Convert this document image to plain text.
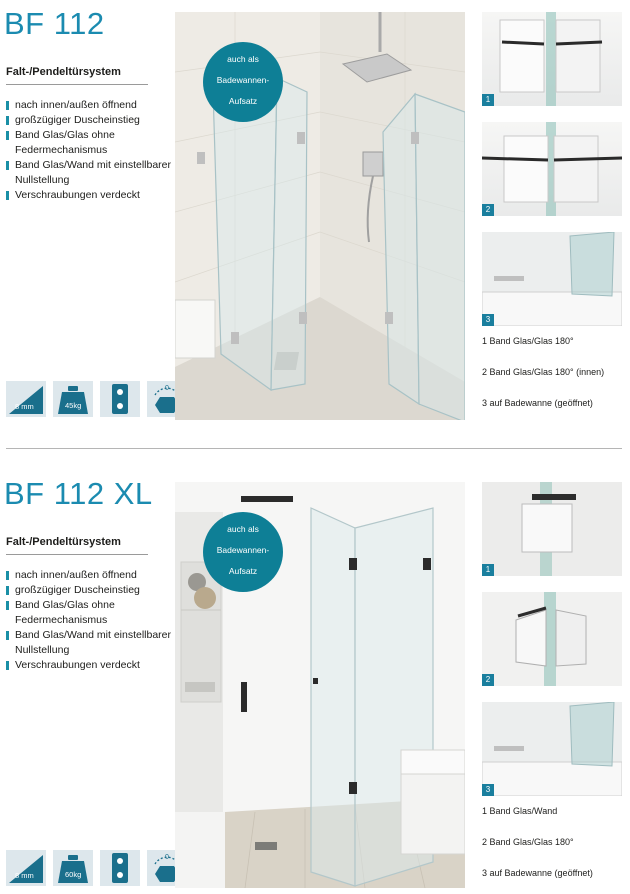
BF 112
Falt-/Pendeltürsystem
nach innen/außen öffnend
großzügiger Duscheinstieg
Band Glas/Glas ohne Federmechanismus
Band Glas/Wand mit einstellbarer Nullstellung
Verschraubungen verdeckt
8 mm	45kg
0
auch als
Badewannen-
Aufsatz	1
2
3
1 Band Glas/Glas 180°
2 Band Glas/Glas 180° (innen)
3 auf Badewanne (geöffnet)
BF 112 XL
Falt-/Pendeltürsystem
nach innen/außen öffnend
großzügiger Duscheinstieg
Band Glas/Glas ohne Federmechanismus
Band Glas/Wand mit einstellbarer Nullstellung
Verschraubungen verdeckt
8 mm	60kg
0
auch als
Badewannen-
Aufsatz	1
2
3
1 Band Glas/Wand
2 Band Glas/Glas 180°
3 auf Badewanne (geöffnet)
